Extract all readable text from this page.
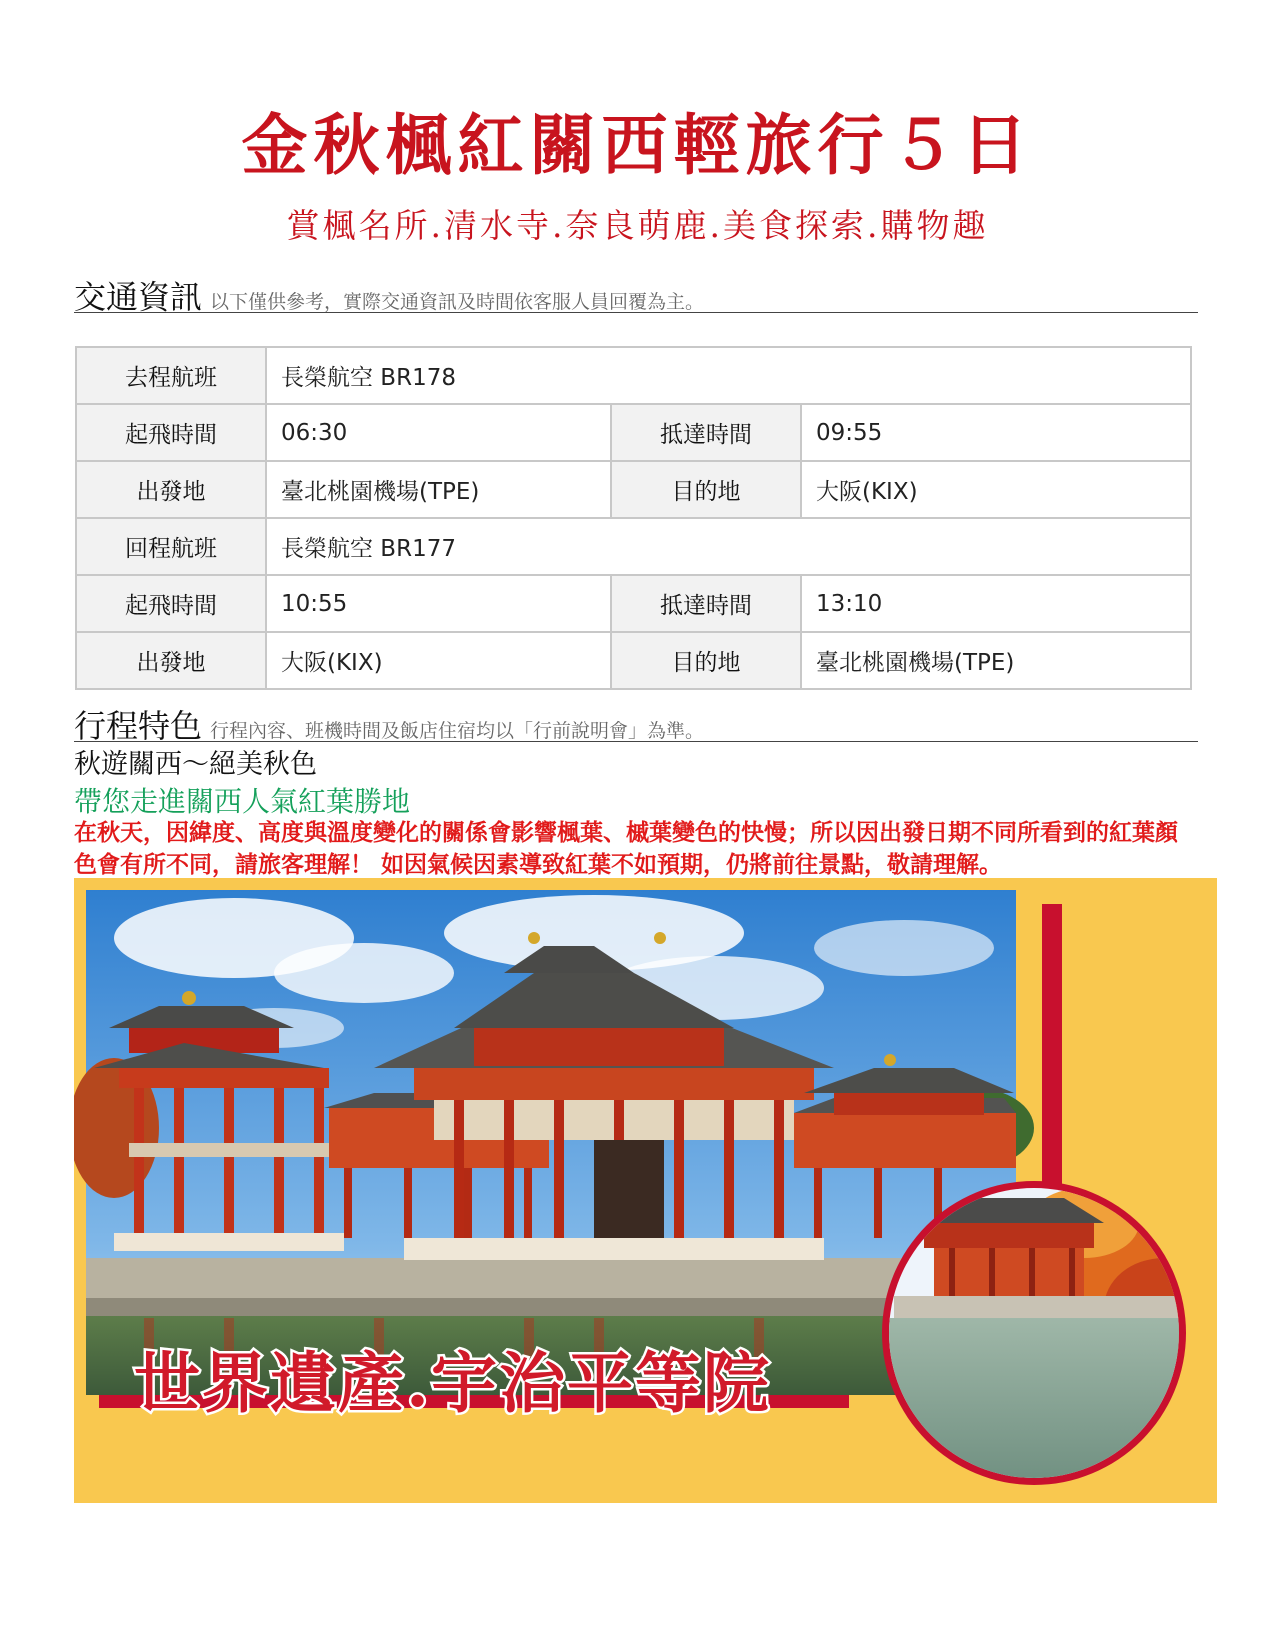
金秋楓紅關西輕旅行５日
賞楓名所.清水寺.奈良萌鹿.美食探索.購物趣
交通資訊 以下僅供參考，實際交通資訊及時間依客服人員回覆為主。
去程航班	長榮航空 BR178		
起飛時間	06:30	抵達時間	09:55
出發地	臺北桃園機場(TPE)	目的地	大阪(KIX)
回程航班	長榮航空 BR177		
起飛時間	10:55	抵達時間	13:10
出發地	大阪(KIX)	目的地	臺北桃園機場(TPE)
行程特色 行程內容、班機時間及飯店住宿均以「行前說明會」為準。
秋遊關西～絕美秋色
帶您走進關西人氣紅葉勝地
在秋天，因緯度、高度與溫度變化的關係會影響楓葉、槭葉變色的快慢；所以因出發日期不同所看到的紅葉顏色會有所不同，請旅客理解！ 如因氣候因素導致紅葉不如預期，仍將前往景點，敬請理解。
世界遺產.宇治平等院
